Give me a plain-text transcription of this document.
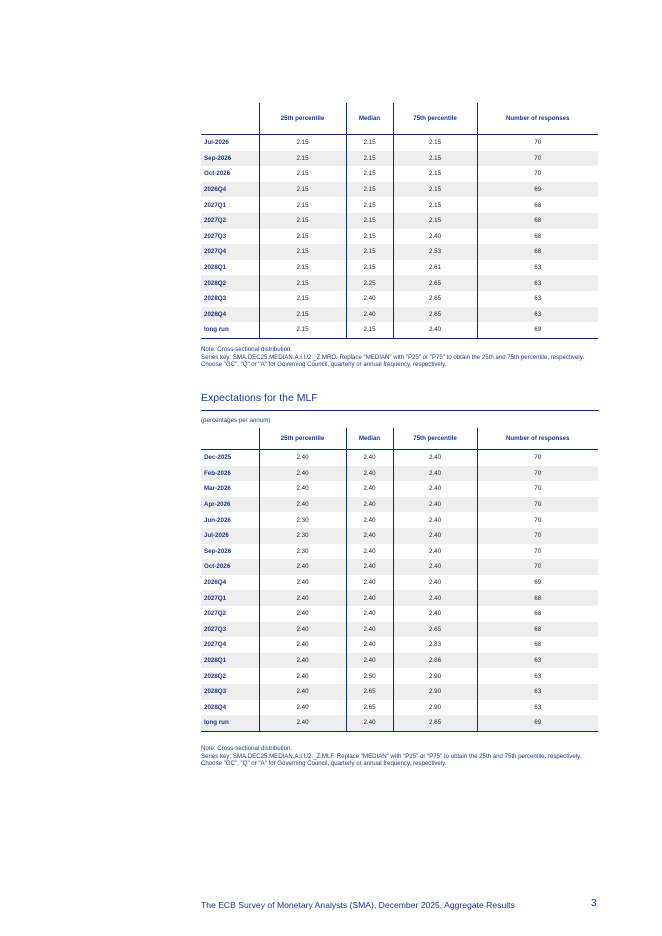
	25th percentile	Median	75th percentile	Number of responses
Jul-2026	2.15	2.15	2.15	70
Sep-2026	2.15	2.15	2.15	70
Oct-2026	2.15	2.15	2.15	70
2026Q4	2.15	2.15	2.15	69
2027Q1	2.15	2.15	2.15	68
2027Q2	2.15	2.15	2.15	68
2027Q3	2.15	2.15	2.40	68
2027Q4	2.15	2.15	2.53	68
2028Q1	2.15	2.15	2.61	63
2028Q2	2.15	2.25	2.65	63
2028Q3	2.15	2.40	2.65	63
2028Q4	2.15	2.40	2.65	63
long run	2.15	2.15	2.40	69
Note: Cross-sectional distribution.
Series key: SMA.DEC25.MEDIAN.A.I.U2._Z.MRO. Replace "MEDIAN" with "P25" or "P75" to obtain the 25th and 75th percentile, respectively. Choose "GC", "Q" or "A" for Governing Council, quarterly or annual frequency, respectively.
Expectations for the MLF
(percentages per annum)
	25th percentile	Median	75th percentile	Number of responses
Dec-2025	2.40	2.40	2.40	70
Feb-2026	2.40	2.40	2.40	70
Mar-2026	2.40	2.40	2.40	70
Apr-2026	2.40	2.40	2.40	70
Jun-2026	2.30	2.40	2.40	70
Jul-2026	2.30	2.40	2.40	70
Sep-2026	2.30	2.40	2.40	70
Oct-2026	2.40	2.40	2.40	70
2026Q4	2.40	2.40	2.40	69
2027Q1	2.40	2.40	2.40	68
2027Q2	2.40	2.40	2.40	68
2027Q3	2.40	2.40	2.65	68
2027Q4	2.40	2.40	2.83	68
2028Q1	2.40	2.40	2.86	63
2028Q2	2.40	2.50	2.90	63
2028Q3	2.40	2.65	2.90	63
2028Q4	2.40	2.65	2.90	63
long run	2.40	2.40	2.65	69
Note: Cross-sectional distribution.
Series key: SMA.DEC25.MEDIAN.A.I.U2._Z.MLF. Replace "MEDIAN" with "P25" or "P75" to obtain the 25th and 75th percentile, respectively. Choose "GC", "Q" or "A" for Governing Council, quarterly or annual frequency, respectively.
The ECB Survey of Monetary Analysts (SMA), December 2025, Aggregate Results	3
